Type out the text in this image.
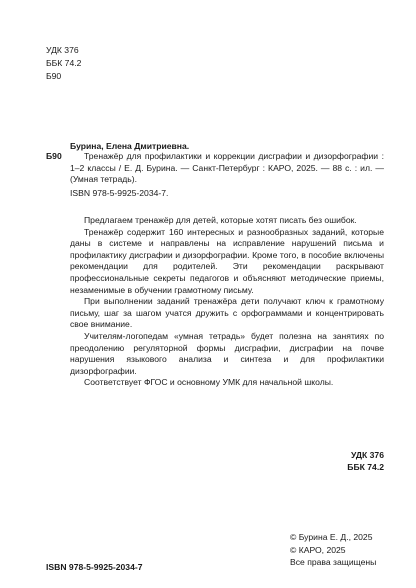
УДК 376
ББК 74.2
Б90
Бурина, Елена Дмитриевна.
Б90	Тренажёр для профилактики и коррекции дисграфии и дизорфографии : 1–2 классы / Е. Д. Бурина. — Санкт-Петербург : КАРО, 2025. — 88 с. : ил. — (Умная тетрадь).
ISBN 978-5-9925-2034-7.

Предлагаем тренажёр для детей, которые хотят писать без ошибок.

Тренажёр содержит 160 интересных и разнообразных заданий, которые даны в системе и направлены на исправление нарушений письма и профилактику дисграфии и дизорфографии. Кроме того, в пособие включены рекомендации для родителей. Эти рекомендации раскрывают профессиональные секреты педагогов и объясняют методические приемы, незаменимые в обучении грамотному письму.

При выполнении заданий тренажёра дети получают ключ к грамотному письму, шаг за шагом учатся дружить с орфограммами и концентрировать свое внимание.

Учителям-логопедам «умная тетрадь» будет полезна на занятиях по преодолению регуляторной формы дисграфии, дисграфии на почве нарушения языкового анализа и синтеза и для профилактики дизорфографии.

Соответствует ФГОС и основному УМК для начальной школы.

УДК 376
ББК 74.2
ISBN 978-5-9925-2034-7
© Бурина Е. Д., 2025
© КАРО, 2025
Все права защищены
